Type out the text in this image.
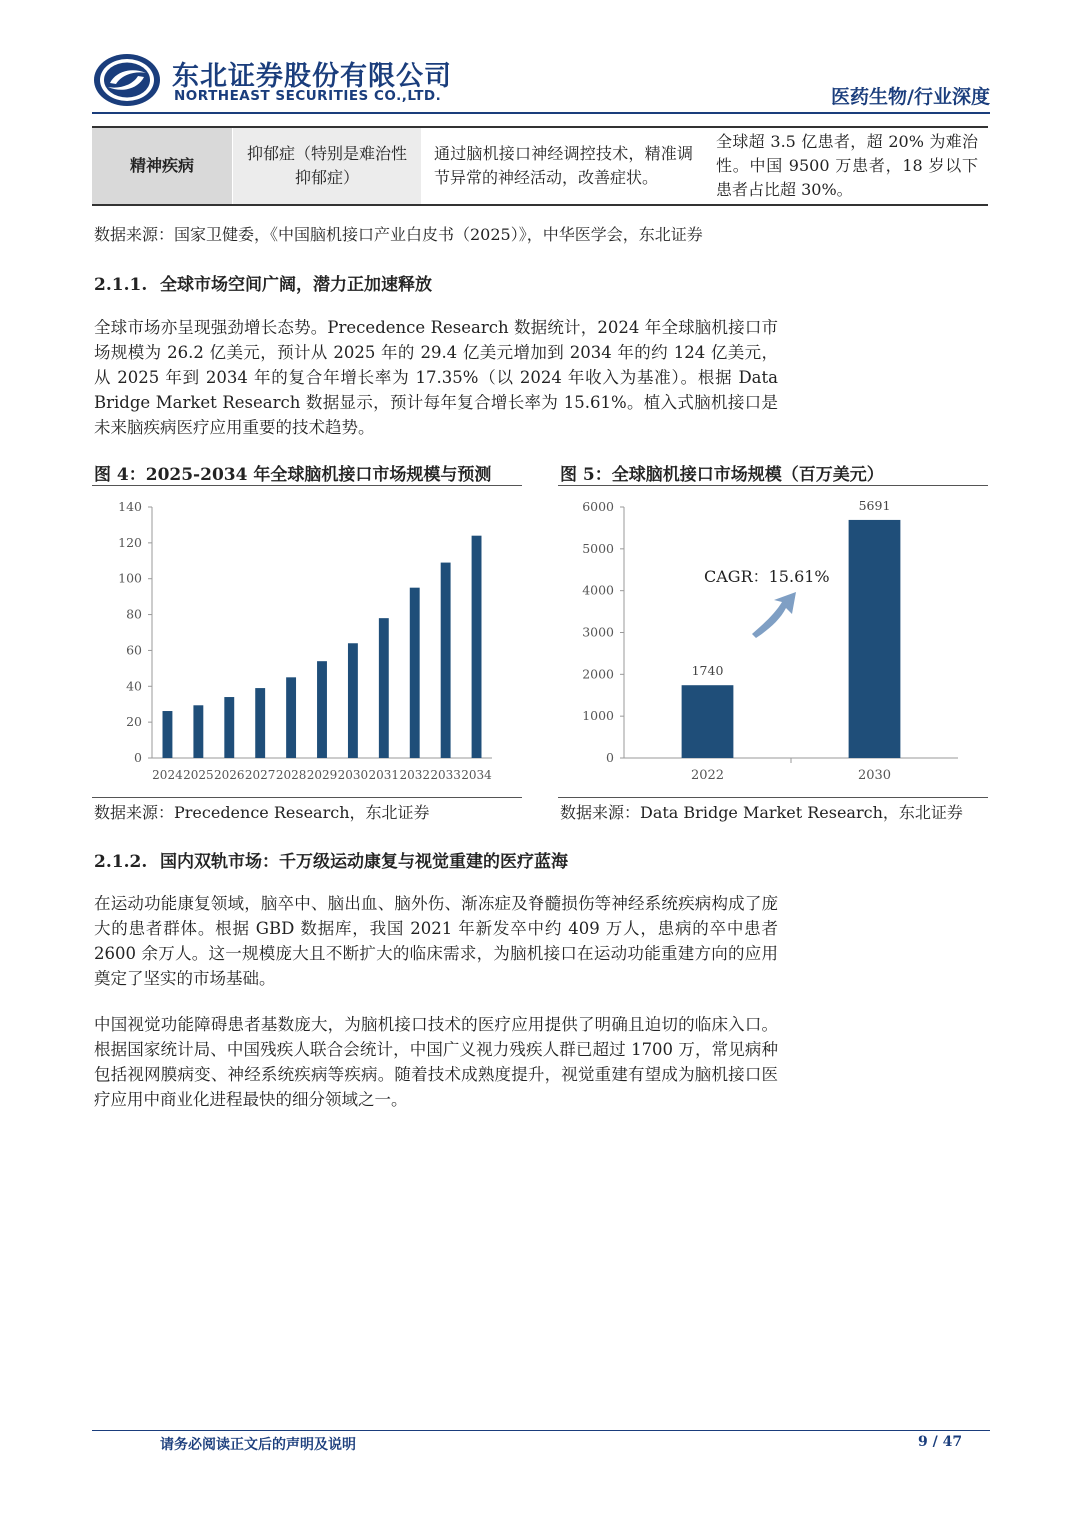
东北证券股份有限公司
NORTHEAST SECURITIES CO.,LTD.	医药生物/行业深度
精神疾病
抑郁症（特别是难治性抑郁症）
通过脑机接口神经调控技术，精准调节异常的神经活动，改善症状。
全球超 3.5 亿患者，超 20% 为难治性。中国 9500 万患者，18 岁以下患者占比超 30%。
数据来源：国家卫健委，《中国脑机接口产业白皮书（2025）》，中华医学会，东北证券
2.1.1. 全球市场空间广阔，潜力正加速释放
全球市场亦呈现强劲增长态势。Precedence Research 数据统计，2024 年全球脑机接口市场规模为 26.2 亿美元，预计从 2025 年的 29.4 亿美元增加到 2034 年的约 124 亿美元，从 2025 年到 2034 年的复合年增长率为 17.35%（以 2024 年收入为基准）。根据 Data Bridge Market Research 数据显示，预计每年复合增长率为 15.61%。植入式脑机接口是未来脑疾病医疗应用重要的技术趋势。
图 4：2025-2034 年全球脑机接口市场规模与预测
0
20
40
60
80
100
120
140
2024 2025 2026 2027 2028 2029 2030 2031 2032 2033 2034
数据来源：Precedence Research，东北证券
图 5：全球脑机接口市场规模（百万美元）
CAGR：15.61%
0
1000
2000
3000
4000
5000
6000
2022
1740
2030
5691
数据来源：Data Bridge Market Research，东北证券
2.1.2. 国内双轨市场：千万级运动康复与视觉重建的医疗蓝海
在运动功能康复领域，脑卒中、脑出血、脑外伤、渐冻症及脊髓损伤等神经系统疾病构成了庞大的患者群体。根据 GBD 数据库，我国 2021 年新发卒中约 409 万人，患病的卒中患者 2600 余万人。这一规模庞大且不断扩大的临床需求，为脑机接口在运动功能重建方向的应用奠定了坚实的市场基础。
中国视觉功能障碍患者基数庞大，为脑机接口技术的医疗应用提供了明确且迫切的临床入口。根据国家统计局、中国残疾人联合会统计，中国广义视力残疾人群已超过 1700 万，常见病种包括视网膜病变、神经系统疾病等疾病。随着技术成熟度提升，视觉重建有望成为脑机接口医疗应用中商业化进程最快的细分领域之一。
请务必阅读正文后的声明及说明	9 / 47
